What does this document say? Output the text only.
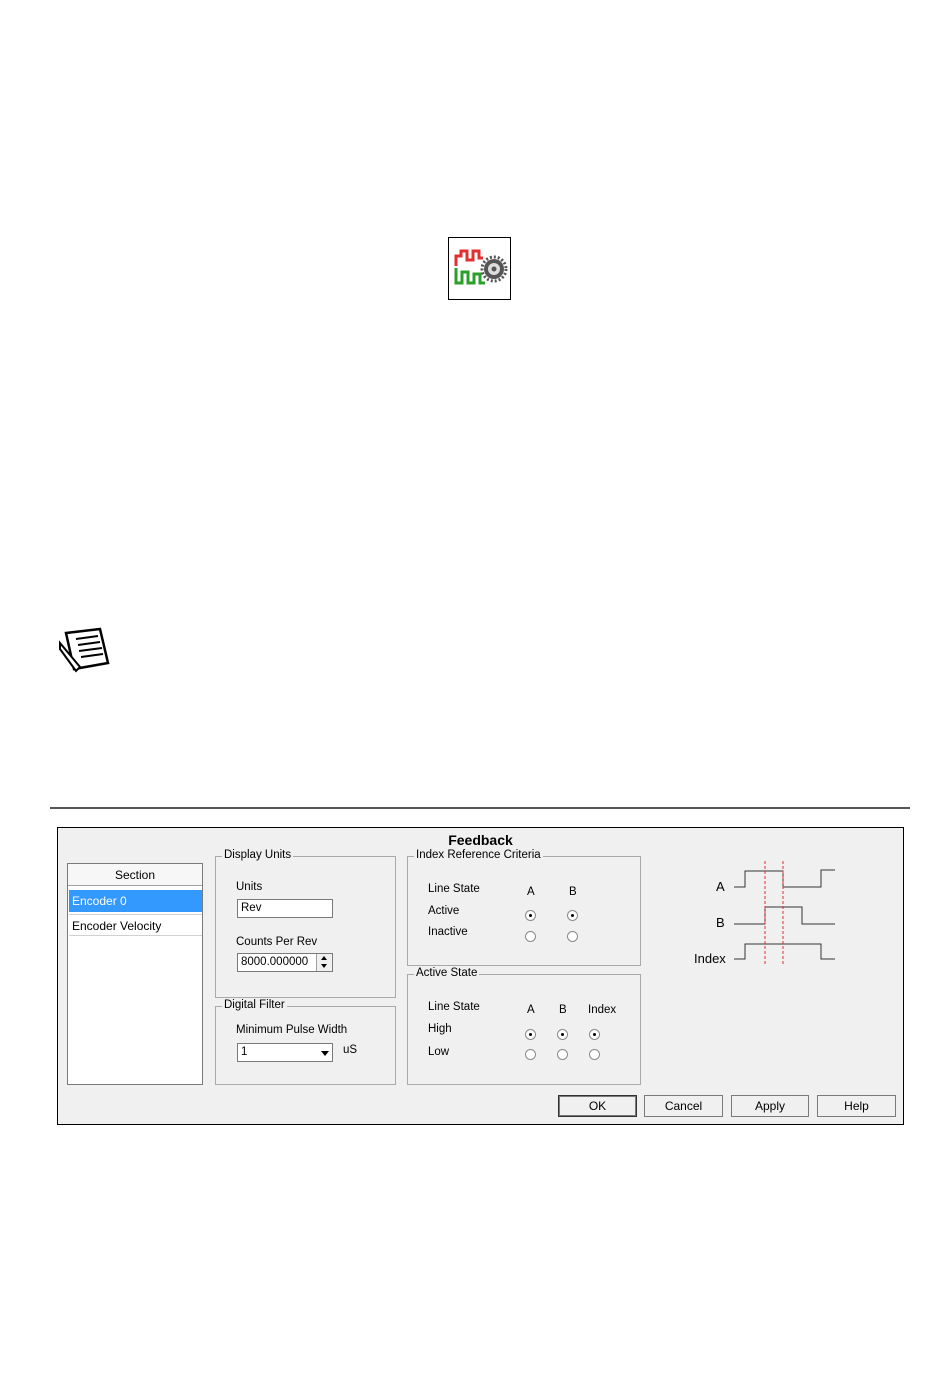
Feedback
Section
Encoder 0
Encoder Velocity
Display Units
Units
Rev
Counts Per Rev
8000.000000
Digital Filter
Minimum Pulse Width
1	uS
Index Reference Criteria
Line State	A	B
Active
Inactive
Active State
Line State	A B Index
High
Low
A
B
Index
OK	Cancel	Apply	Help
